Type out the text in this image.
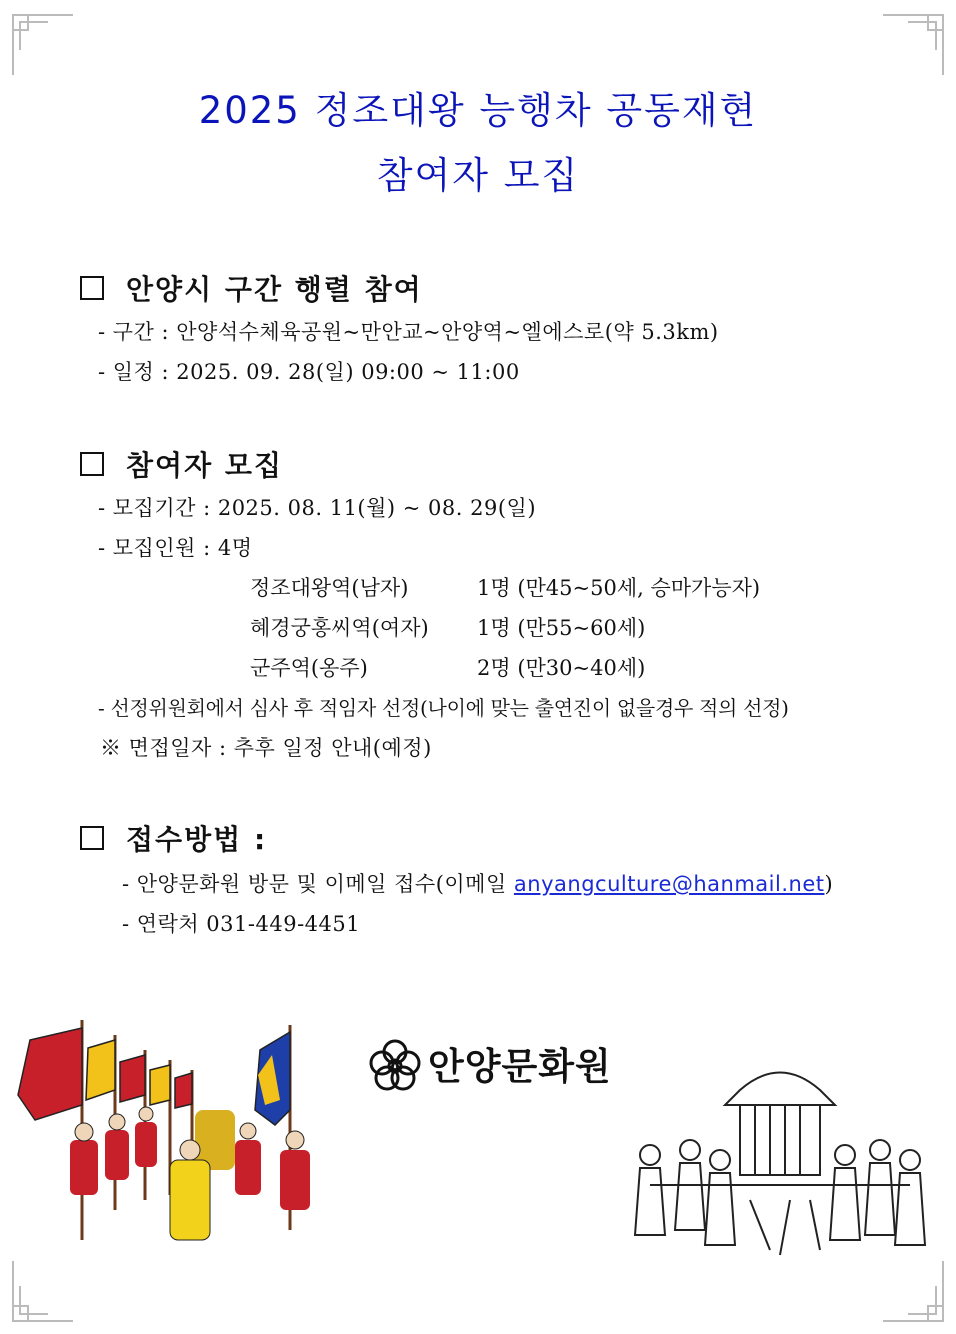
2025 정조대왕 능행차 공동재현
참여자 모집
안양시 구간 행렬 참여
- 구간 : 안양석수체육공원~만안교~안양역~엘에스로(약 5.3km)
- 일정 : 2025. 09. 28(일) 09:00 ~ 11:00
참여자 모집
- 모집기간 : 2025. 08. 11(월) ~ 08. 29(일)
- 모집인원 : 4명
정조대왕역(남자)	1명 (만45~50세, 승마가능자)
혜경궁홍씨역(여자) 1명 (만55~60세)
군주역(옹주)	2명 (만30~40세)
- 선정위원회에서 심사 후 적임자 선정(나이에 맞는 출연진이 없을경우 적의 선정)
※ 면접일자 : 추후 일정 안내(예정)
접수방법 :
- 안양문화원 방문 및 이메일 접수(이메일 anyangculture@hanmail.net)
- 연락처 031-449-4451
안양문화원
